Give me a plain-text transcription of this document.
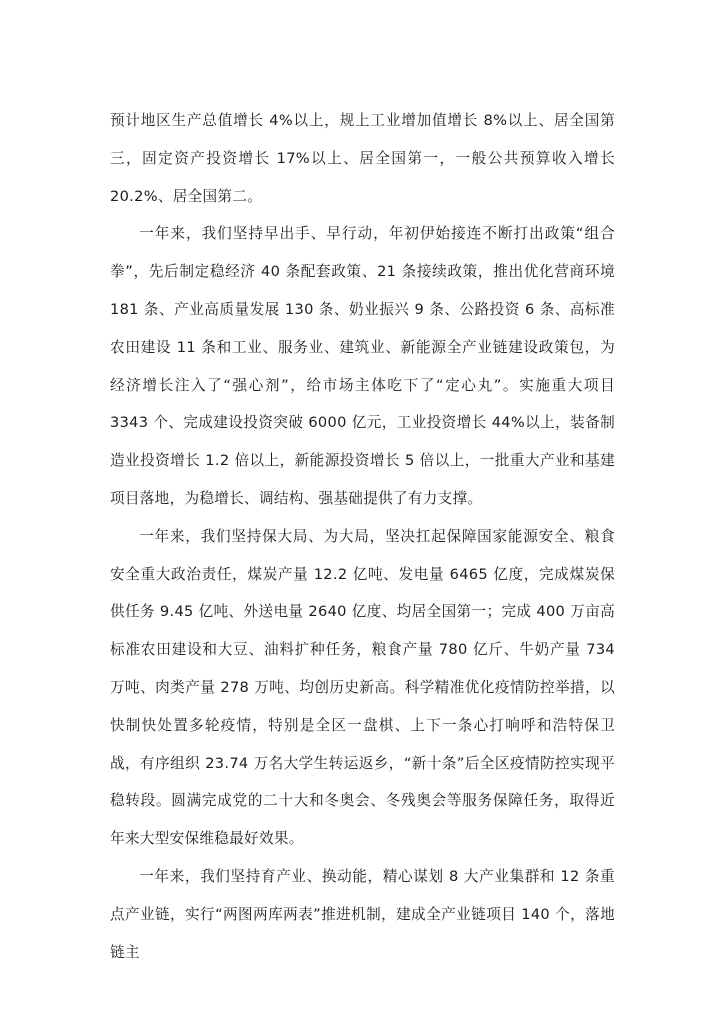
预计地区生产总值增长 4%以上，规上工业增加值增长 8%以上、居全国第三，固定资产投资增长 17%以上、居全国第一，一般公共预算收入增长 20.2%、居全国第二。

一年来，我们坚持早出手、早行动，年初伊始接连不断打出政策“组合拳”，先后制定稳经济 40 条配套政策、21 条接续政策，推出优化营商环境 181 条、产业高质量发展 130 条、奶业振兴 9 条、公路投资 6 条、高标准农田建设 11 条和工业、服务业、建筑业、新能源全产业链建设政策包，为经济增长注入了“强心剂”，给市场主体吃下了“定心丸”。实施重大项目 3343 个、完成建设投资突破 6000 亿元，工业投资增长 44%以上，装备制造业投资增长 1.2 倍以上，新能源投资增长 5 倍以上，一批重大产业和基建项目落地，为稳增长、调结构、强基础提供了有力支撑。

一年来，我们坚持保大局、为大局，坚决扛起保障国家能源安全、粮食安全重大政治责任，煤炭产量 12.2 亿吨、发电量 6465 亿度，完成煤炭保供任务 9.45 亿吨、外送电量 2640 亿度、均居全国第一；完成 400 万亩高标准农田建设和大豆、油料扩种任务，粮食产量 780 亿斤、牛奶产量 734 万吨、肉类产量 278 万吨、均创历史新高。科学精准优化疫情防控举措，以快制快处置多轮疫情，特别是全区一盘棋、上下一条心打响呼和浩特保卫战，有序组织 23.74 万名大学生转运返乡，“新十条”后全区疫情防控实现平稳转段。圆满完成党的二十大和冬奥会、冬残奥会等服务保障任务，取得近年来大型安保维稳最好效果。

一年来，我们坚持育产业、换动能，精心谋划 8 大产业集群和 12 条重点产业链，实行“两图两库两表”推进机制，建成全产业链项目 140 个，落地链主
